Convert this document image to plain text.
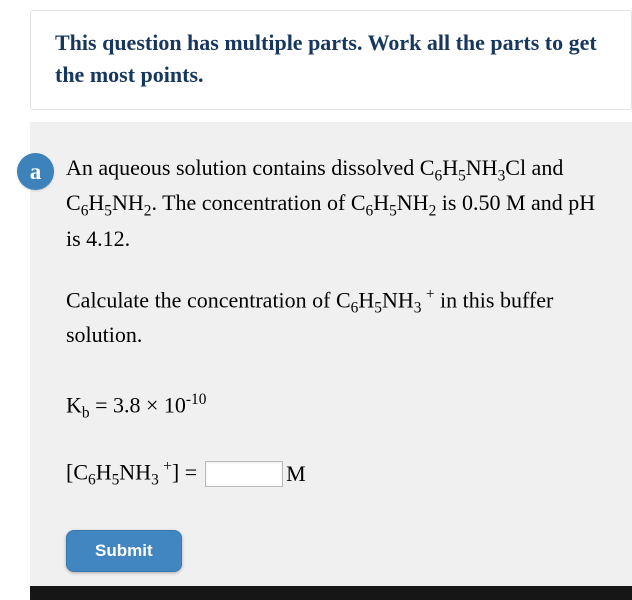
This question has multiple parts. Work all the parts to get the most points.

a	An aqueous solution contains dissolved $C_6H_5NH_3Cl$ and $C_6H_5NH_2$. The concentration of $C_6H_5NH_2$ is 0.50 M and pH is 4.12.

Calculate the concentration of $C_6H_5NH_3$ + in this buffer solution.

$K_b = 3.8 \times 10^{-10}$

[$C_6H_5NH_3$ +] =	M
Submit
